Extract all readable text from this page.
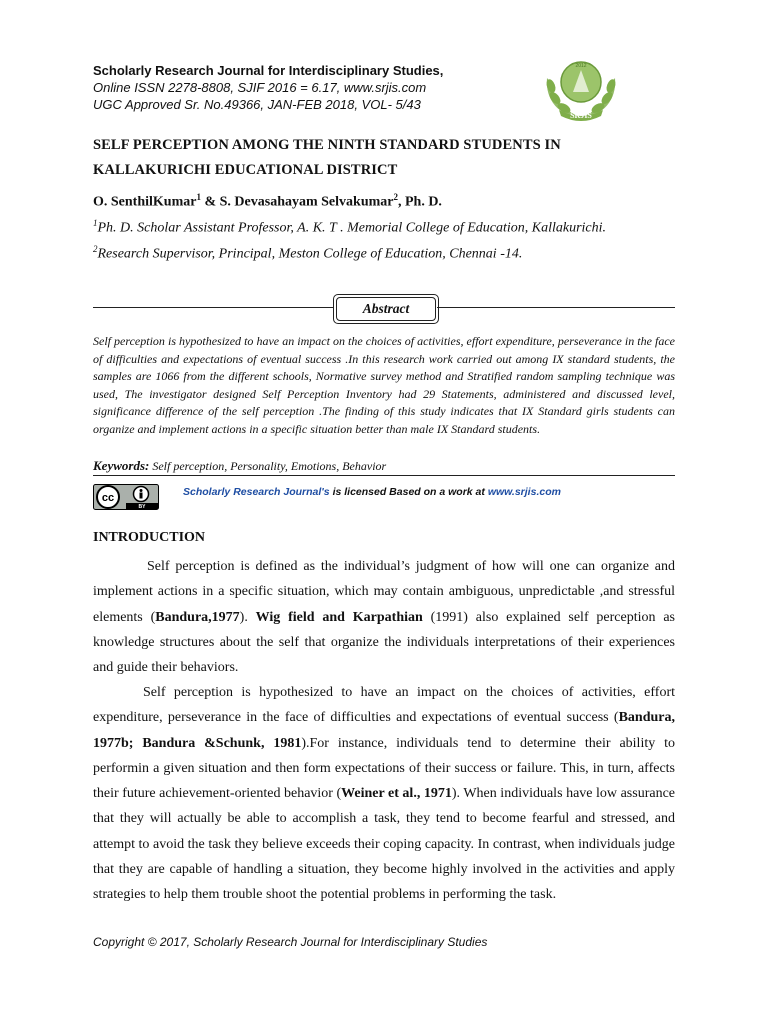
Scholarly Research Journal for Interdisciplinary Studies,
Online ISSN 2278-8808, SJIF 2016 = 6.17, www.srjis.com
UGC Approved Sr. No.49366, JAN-FEB 2018, VOL- 5/43
2012
SRJIS
SELF PERCEPTION AMONG THE NINTH STANDARD STUDENTS IN
KALLAKURICHI EDUCATIONAL DISTRICT
O. SenthilKumar$^1$ & S. Devasahayam Selvakumar$^2$, Ph. D.
$^1$Ph. D. Scholar Assistant Professor, A. K. T . Memorial College of Education, Kallakurichi.
$^2$Research Supervisor, Principal, Meston College of Education, Chennai -14.
Abstract
Self perception is hypothesized to have an impact on the choices of activities, effort expenditure, perseverance in the face of difficulties and expectations of eventual success .In this research work carried out among IX standard students, the samples are 1066 from the different schools, Normative survey method and Stratified random sampling technique was used, The investigator designed Self Perception Inventory had 29 Statements, administered and discussed level, significance difference of the self perception .The finding of this study indicates that IX Standard girls students can organize and implement actions in a specific situation better than male IX Standard students.
Keywords: Self perception, Personality, Emotions, Behavior
cc
BY
Scholarly Research Journal's is licensed Based on a work at www.srjis.com
INTRODUCTION
Self perception is defined as the individual’s judgment of how will one can organize and implement actions in a specific situation, which may contain ambiguous, unpredictable ,and stressful elements (Bandura,1977). Wig field and Karpathian (1991) also explained self perception as knowledge structures about the self that organize the individuals interpretations of their experiences and guide their behaviors.
Self perception is hypothesized to have an impact on the choices of activities, effort expenditure, perseverance in the face of difficulties and expectations of eventual success (Bandura, 1977b; Bandura &Schunk, 1981).For instance, individuals tend to determine their ability to performin a given situation and then form expectations of their success or failure. This, in turn, affects their future achievement-oriented behavior (Weiner et al., 1971). When individuals have low assurance that they will actually be able to accomplish a task, they tend to become fearful and stressed, and attempt to avoid the task they believe exceeds their coping capacity. In contrast, when individuals judge that they are capable of handling a situation, they become highly involved in the activities and apply strategies to help them trouble shoot the potential problems in performing the task.
Copyright © 2017, Scholarly Research Journal for Interdisciplinary Studies
